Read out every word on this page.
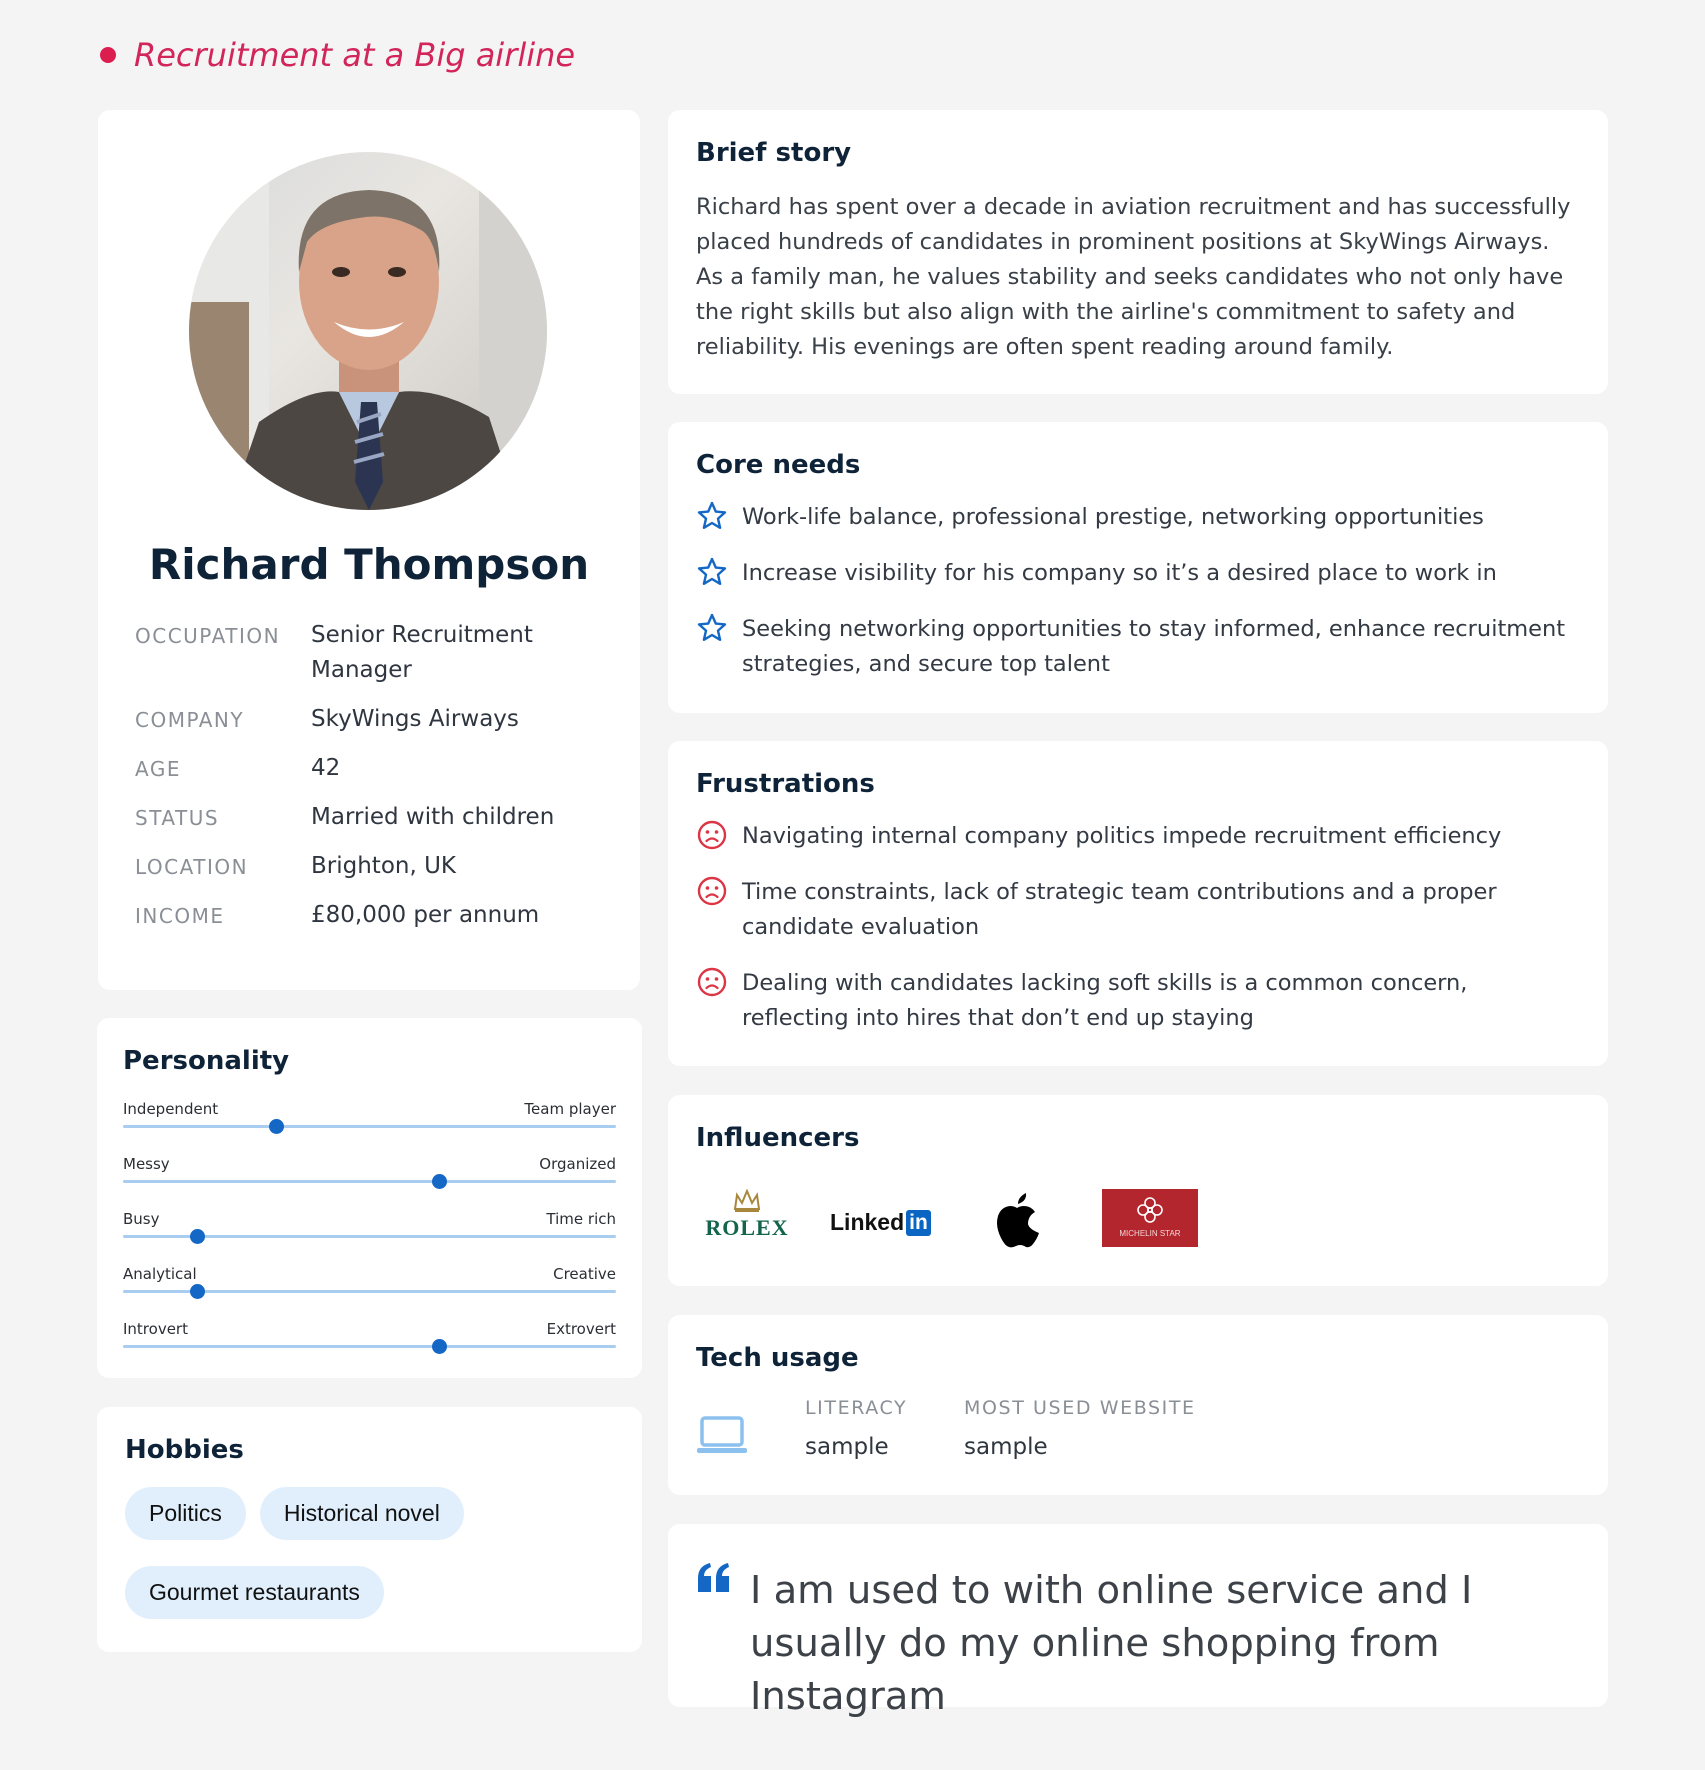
Recruitment at a Big airline
Richard Thompson
OCCUPATION	Senior Recruitment Manager
COMPANY	SkyWings Airways
AGE	42
STATUS	Married with children
LOCATION	Brighton, UK
INCOME	£80,000 per annum
Personality
Independent	Team player
Messy	Organized
Busy	Time rich
Analytical	Creative
Introvert	Extrovert
Hobbies
Politics	Historical novel
Gourmet restaurants
Brief story

Richard has spent over a decade in aviation recruitment and has successfully placed hundreds of candidates in prominent positions at SkyWings Airways. As a family man, he values stability and seeks candidates who not only have the right skills but also align with the airline's commitment to safety and reliability. His evenings are often spent reading around family.

Core needs
Work-life balance, professional prestige, networking opportunities
Increase visibility for his company so it’s a desired place to work in
Seeking networking opportunities to stay informed, enhance recruitment strategies, and secure top talent
Frustrations
Navigating internal company politics impede recruitment efficiency
Time constraints, lack of strategic team contributions and a proper candidate evaluation
Dealing with candidates lacking soft skills is a common concern, reflecting into hires that don’t end up staying
Influencers
ROLEX Linked in	MICHELIN STAR
Tech usage
LITERACY
sample
MOST USED WEBSITE
sample
I am used to with online service and I usually do my online shopping from Instagram
